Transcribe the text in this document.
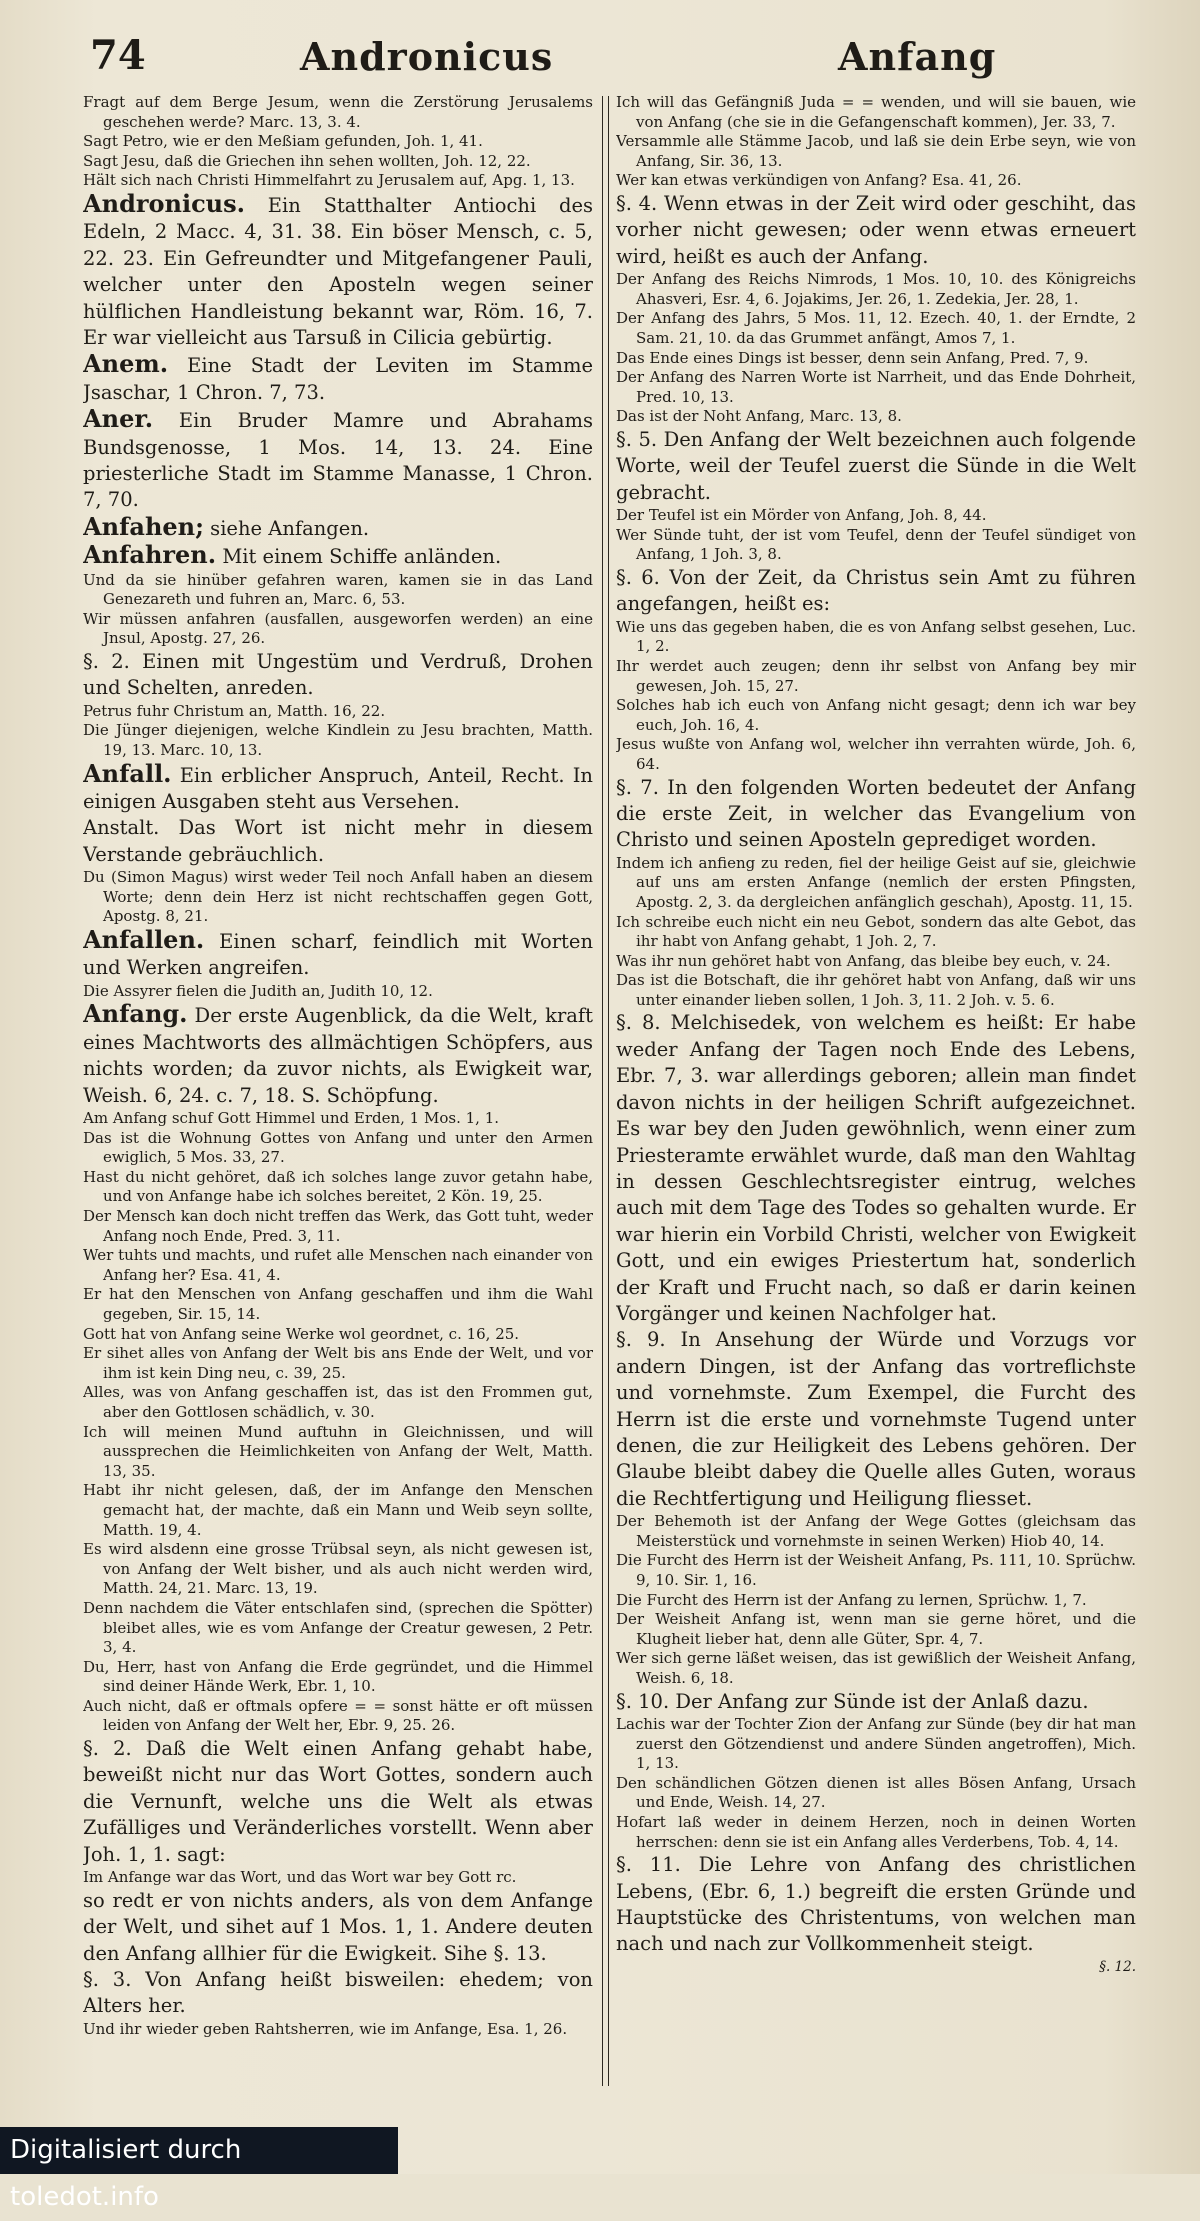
74	Andronicus	Anfang

Fragt auf dem Berge Jesum, wenn die Zerstörung Jerusalems geschehen werde? Marc. 13, 3. 4.

Sagt Petro, wie er den Meßiam gefunden, Joh. 1, 41.

Sagt Jesu, daß die Griechen ihn sehen wollten, Joh. 12, 22.

Hält sich nach Christi Himmelfahrt zu Jerusalem auf, Apg. 1, 13.

Andronicus. Ein Statthalter Antiochi des Edeln, 2 Macc. 4, 31. 38. Ein böser Mensch, c. 5, 22. 23. Ein Gefreundter und Mitgefangener Pauli, welcher unter den Aposteln wegen seiner hülflichen Handleistung bekannt war, Röm. 16, 7. Er war vielleicht aus Tarsuß in Cilicia gebürtig.

Anem. Eine Stadt der Leviten im Stamme Jsaschar, 1 Chron. 7, 73.

Aner. Ein Bruder Mamre und Abrahams Bundsgenosse, 1 Mos. 14, 13. 24. Eine priesterliche Stadt im Stamme Manasse, 1 Chron. 7, 70.

Anfahen; siehe Anfangen.

Anfahren. Mit einem Schiffe anländen.

Und da sie hinüber gefahren waren, kamen sie in das Land Genezareth und fuhren an, Marc. 6, 53.

Wir müssen anfahren (ausfallen, ausgeworfen werden) an eine Jnsul, Apostg. 27, 26.

§. 2. Einen mit Ungestüm und Verdruß, Drohen und Schelten, anreden.

Petrus fuhr Christum an, Matth. 16, 22.

Die Jünger diejenigen, welche Kindlein zu Jesu brachten, Matth. 19, 13. Marc. 10, 13.

Anfall. Ein erblicher Anspruch, Anteil, Recht. In einigen Ausgaben steht aus Versehen.

Anstalt. Das Wort ist nicht mehr in diesem Verstande gebräuchlich.

Du (Simon Magus) wirst weder Teil noch Anfall haben an diesem Worte; denn dein Herz ist nicht rechtschaffen gegen Gott, Apostg. 8, 21.

Anfallen. Einen scharf, feindlich mit Worten und Werken angreifen.

Die Assyrer fielen die Judith an, Judith 10, 12.

Anfang. Der erste Augenblick, da die Welt, kraft eines Machtworts des allmächtigen Schöpfers, aus nichts worden; da zuvor nichts, als Ewigkeit war, Weish. 6, 24. c. 7, 18. S. Schöpfung.

Am Anfang schuf Gott Himmel und Erden, 1 Mos. 1, 1.

Das ist die Wohnung Gottes von Anfang und unter den Armen ewiglich, 5 Mos. 33, 27.

Hast du nicht gehöret, daß ich solches lange zuvor getahn habe, und von Anfange habe ich solches bereitet, 2 Kön. 19, 25.

Der Mensch kan doch nicht treffen das Werk, das Gott tuht, weder Anfang noch Ende, Pred. 3, 11.

Wer tuhts und machts, und rufet alle Menschen nach einander von Anfang her? Esa. 41, 4.

Er hat den Menschen von Anfang geschaffen und ihm die Wahl gegeben, Sir. 15, 14.

Gott hat von Anfang seine Werke wol geordnet, c. 16, 25.

Er sihet alles von Anfang der Welt bis ans Ende der Welt, und vor ihm ist kein Ding neu, c. 39, 25.

Alles, was von Anfang geschaffen ist, das ist den Frommen gut, aber den Gottlosen schädlich, v. 30.

Ich will meinen Mund auftuhn in Gleichnissen, und will aussprechen die Heimlichkeiten von Anfang der Welt, Matth. 13, 35.

Habt ihr nicht gelesen, daß, der im Anfange den Menschen gemacht hat, der machte, daß ein Mann und Weib seyn sollte, Matth. 19, 4.

Es wird alsdenn eine grosse Trübsal seyn, als nicht gewesen ist, von Anfang der Welt bisher, und als auch nicht werden wird, Matth. 24, 21. Marc. 13, 19.

Denn nachdem die Väter entschlafen sind, (sprechen die Spötter) bleibet alles, wie es vom Anfange der Creatur gewesen, 2 Petr. 3, 4.

Du, Herr, hast von Anfang die Erde gegründet, und die Himmel sind deiner Hände Werk, Ebr. 1, 10.

Auch nicht, daß er oftmals opfere = = sonst hätte er oft müssen leiden von Anfang der Welt her, Ebr. 9, 25. 26.

§. 2. Daß die Welt einen Anfang gehabt habe, beweißt nicht nur das Wort Gottes, sondern auch die Vernunft, welche uns die Welt als etwas Zufälliges und Veränderliches vorstellt. Wenn aber Joh. 1, 1. sagt:

Im Anfange war das Wort, und das Wort war bey Gott rc.

so redt er von nichts anders, als von dem Anfange der Welt, und sihet auf 1 Mos. 1, 1. Andere deuten den Anfang allhier für die Ewigkeit. Sihe §. 13.

§. 3. Von Anfang heißt bisweilen: ehedem; von Alters her.

Und ihr wieder geben Rahtsherren, wie im Anfange, Esa. 1, 26.

Ich will das Gefängniß Juda = = wenden, und will sie bauen, wie von Anfang (che sie in die Gefangenschaft kommen), Jer. 33, 7.

Versammle alle Stämme Jacob, und laß sie dein Erbe seyn, wie von Anfang, Sir. 36, 13.

Wer kan etwas verkündigen von Anfang? Esa. 41, 26.

§. 4. Wenn etwas in der Zeit wird oder geschiht, das vorher nicht gewesen; oder wenn etwas erneuert wird, heißt es auch der Anfang.

Der Anfang des Reichs Nimrods, 1 Mos. 10, 10. des Königreichs Ahasveri, Esr. 4, 6. Jojakims, Jer. 26, 1. Zedekia, Jer. 28, 1.

Der Anfang des Jahrs, 5 Mos. 11, 12. Ezech. 40, 1. der Erndte, 2 Sam. 21, 10. da das Grummet anfängt, Amos 7, 1.

Das Ende eines Dings ist besser, denn sein Anfang, Pred. 7, 9.

Der Anfang des Narren Worte ist Narrheit, und das Ende Dohrheit, Pred. 10, 13.

Das ist der Noht Anfang, Marc. 13, 8.

§. 5. Den Anfang der Welt bezeichnen auch folgende Worte, weil der Teufel zuerst die Sünde in die Welt gebracht.

Der Teufel ist ein Mörder von Anfang, Joh. 8, 44.

Wer Sünde tuht, der ist vom Teufel, denn der Teufel sündiget von Anfang, 1 Joh. 3, 8.

§. 6. Von der Zeit, da Christus sein Amt zu führen angefangen, heißt es:

Wie uns das gegeben haben, die es von Anfang selbst gesehen, Luc. 1, 2.

Ihr werdet auch zeugen; denn ihr selbst von Anfang bey mir gewesen, Joh. 15, 27.

Solches hab ich euch von Anfang nicht gesagt; denn ich war bey euch, Joh. 16, 4.

Jesus wußte von Anfang wol, welcher ihn verrahten würde, Joh. 6, 64.

§. 7. In den folgenden Worten bedeutet der Anfang die erste Zeit, in welcher das Evangelium von Christo und seinen Aposteln geprediget worden.

Indem ich anfieng zu reden, fiel der heilige Geist auf sie, gleichwie auf uns am ersten Anfange (nemlich der ersten Pfingsten, Apostg. 2, 3. da dergleichen anfänglich geschah), Apostg. 11, 15.

Ich schreibe euch nicht ein neu Gebot, sondern das alte Gebot, das ihr habt von Anfang gehabt, 1 Joh. 2, 7.

Was ihr nun gehöret habt von Anfang, das bleibe bey euch, v. 24.

Das ist die Botschaft, die ihr gehöret habt von Anfang, daß wir uns unter einander lieben sollen, 1 Joh. 3, 11. 2 Joh. v. 5. 6.

§. 8. Melchisedek, von welchem es heißt: Er habe weder Anfang der Tagen noch Ende des Lebens, Ebr. 7, 3. war allerdings geboren; allein man findet davon nichts in der heiligen Schrift aufgezeichnet. Es war bey den Juden gewöhnlich, wenn einer zum Priesteramte erwählet wurde, daß man den Wahltag in dessen Geschlechtsregister eintrug, welches auch mit dem Tage des Todes so gehalten wurde. Er war hierin ein Vorbild Christi, welcher von Ewigkeit Gott, und ein ewiges Priestertum hat, sonderlich der Kraft und Frucht nach, so daß er darin keinen Vorgänger und keinen Nachfolger hat.

§. 9. In Ansehung der Würde und Vorzugs vor andern Dingen, ist der Anfang das vortreflichste und vornehmste. Zum Exempel, die Furcht des Herrn ist die erste und vornehmste Tugend unter denen, die zur Heiligkeit des Lebens gehören. Der Glaube bleibt dabey die Quelle alles Guten, woraus die Rechtfertigung und Heiligung fliesset.

Der Behemoth ist der Anfang der Wege Gottes (gleichsam das Meisterstück und vornehmste in seinen Werken) Hiob 40, 14.

Die Furcht des Herrn ist der Weisheit Anfang, Ps. 111, 10. Sprüchw. 9, 10. Sir. 1, 16.

Die Furcht des Herrn ist der Anfang zu lernen, Sprüchw. 1, 7.

Der Weisheit Anfang ist, wenn man sie gerne höret, und die Klugheit lieber hat, denn alle Güter, Spr. 4, 7.

Wer sich gerne läßet weisen, das ist gewißlich der Weisheit Anfang, Weish. 6, 18.

§. 10. Der Anfang zur Sünde ist der Anlaß dazu.

Lachis war der Tochter Zion der Anfang zur Sünde (bey dir hat man zuerst den Götzendienst und andere Sünden angetroffen), Mich. 1, 13.

Den schändlichen Götzen dienen ist alles Bösen Anfang, Ursach und Ende, Weish. 14, 27.

Hofart laß weder in deinem Herzen, noch in deinen Worten herrschen: denn sie ist ein Anfang alles Verderbens, Tob. 4, 14.

§. 11. Die Lehre von Anfang des christlichen Lebens, (Ebr. 6, 1.) begreift die ersten Gründe und Hauptstücke des Christentums, von welchen man nach und nach zur Vollkommenheit steigt.

§. 12.

Digitalisiert durch toledot.info
